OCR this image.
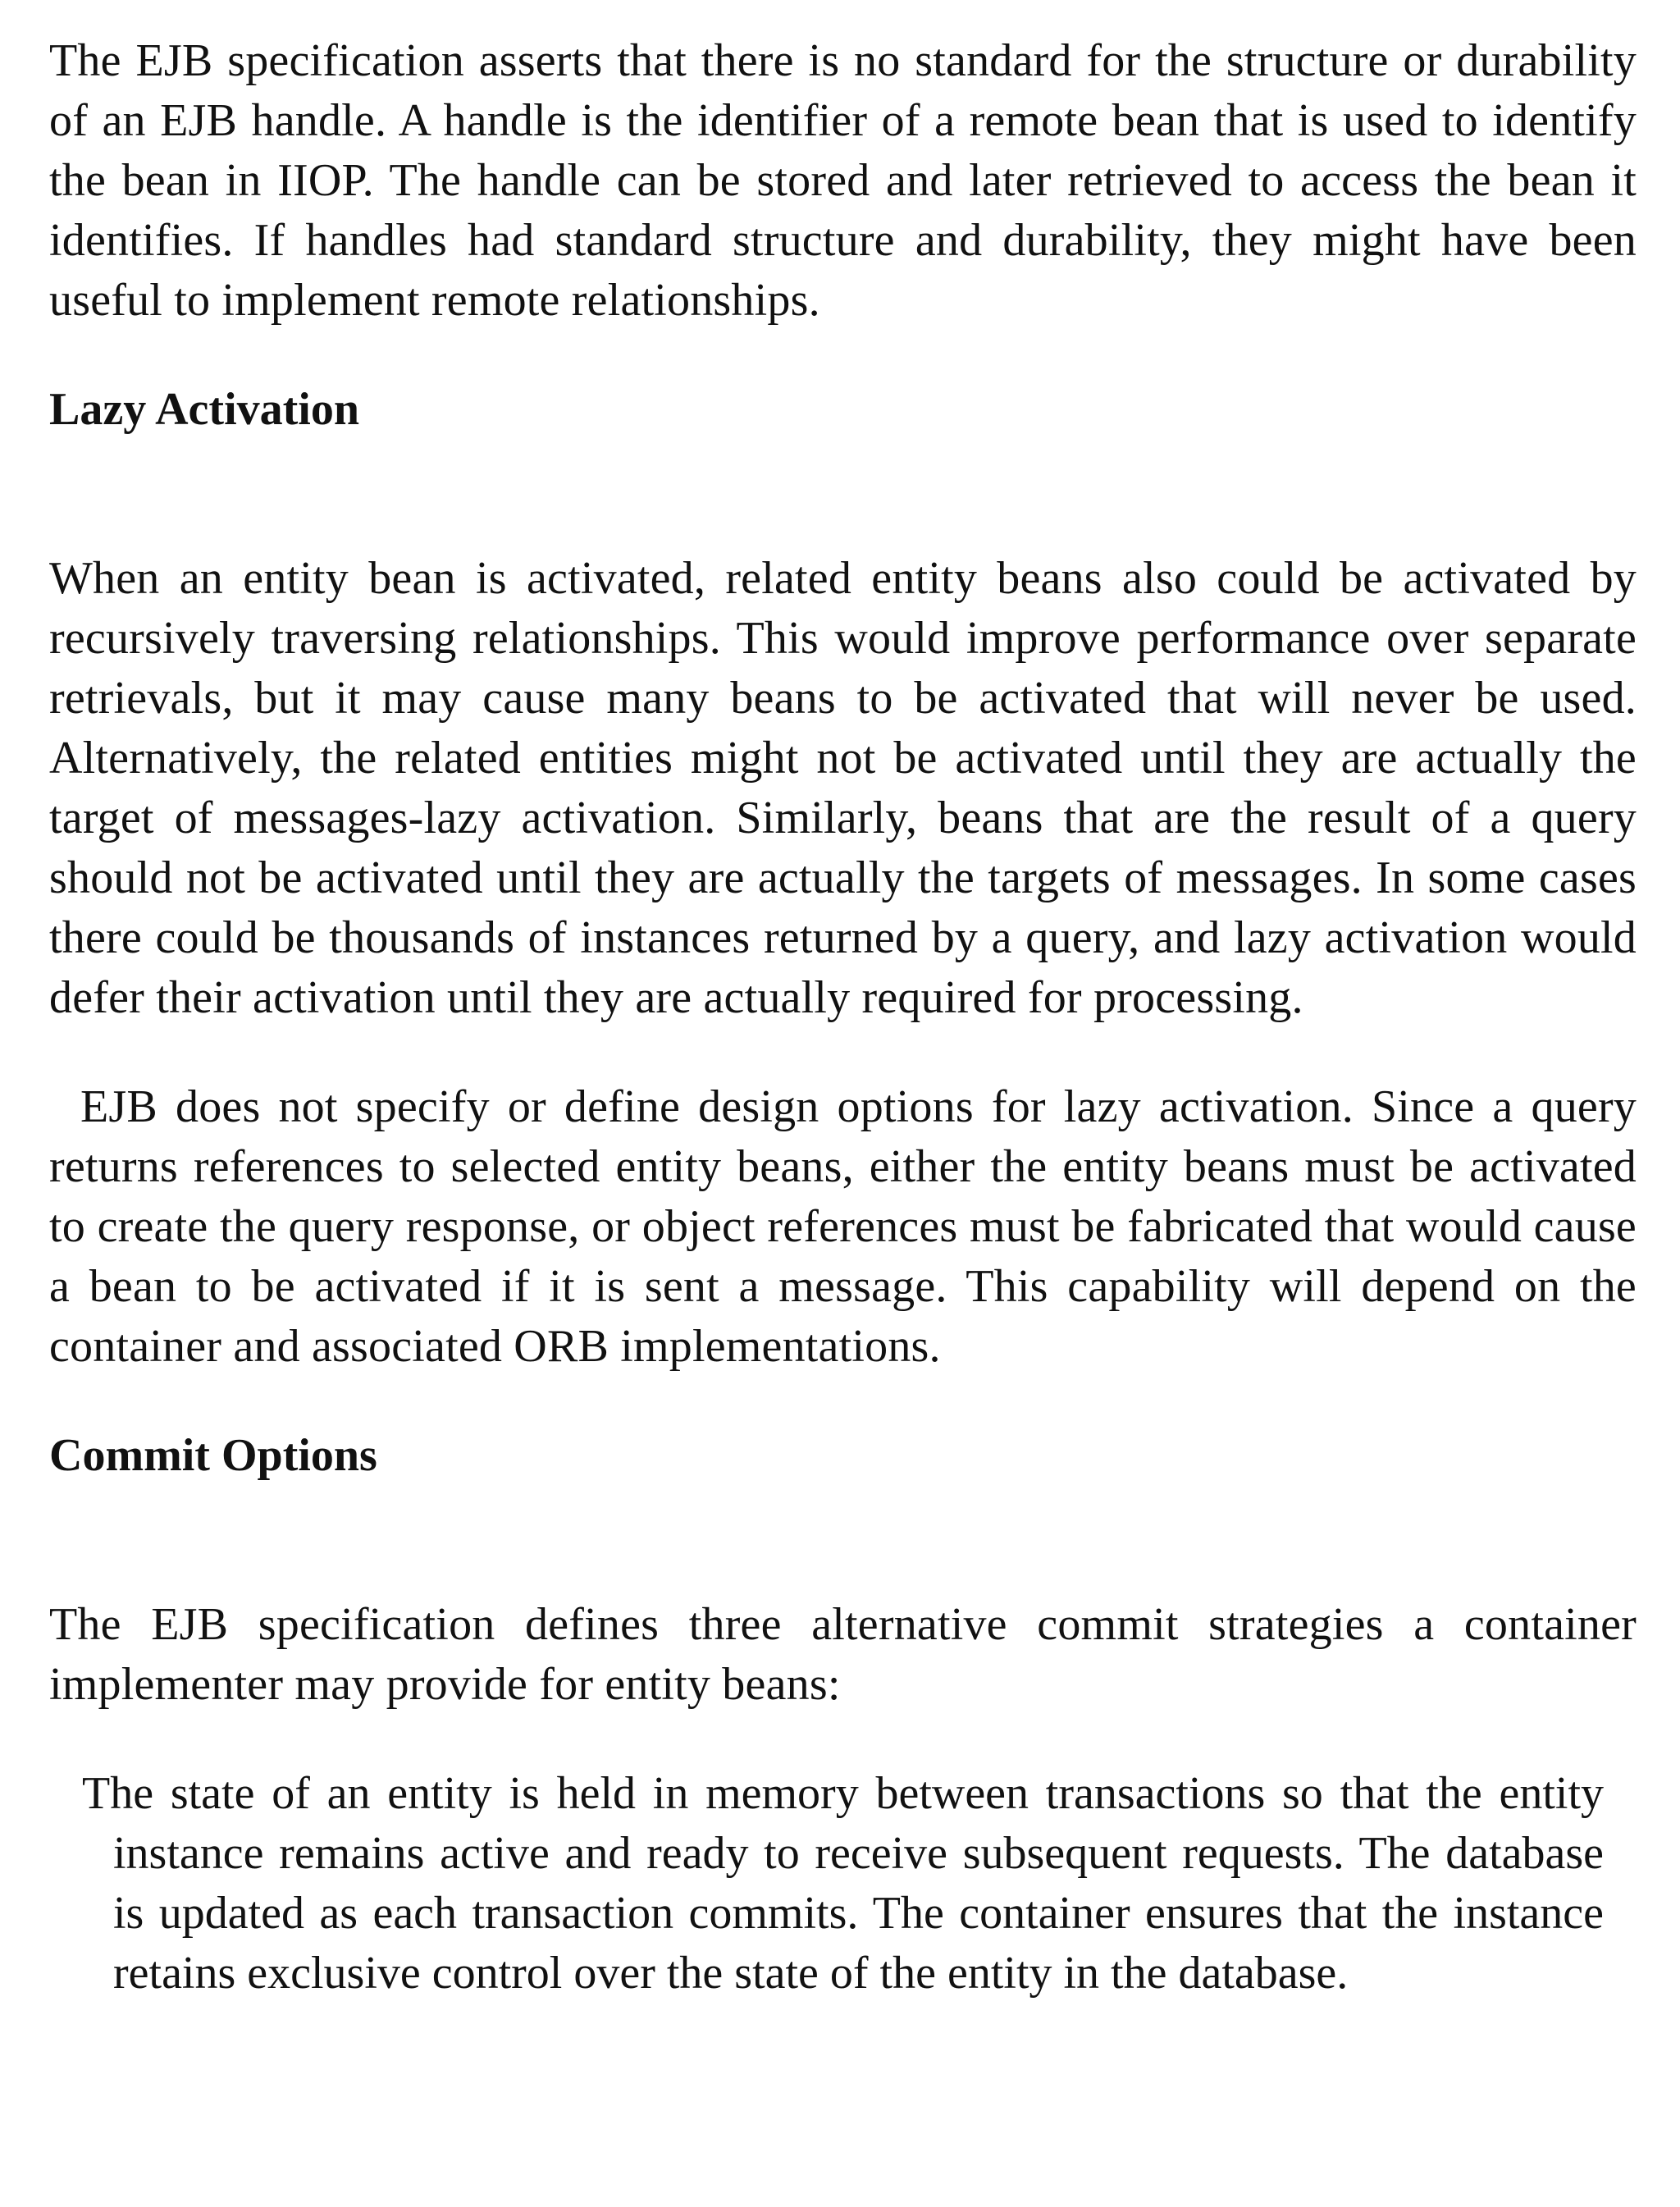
The EJB specification asserts that there is no standard for the structure or durability of an EJB handle. A handle is the identifier of a remote bean that is used to identify the bean in IIOP. The handle can be stored and later retrieved to access the bean it identifies. If handles had standard structure and durability, they might have been useful to implement remote relationships.

Lazy Activation

When an entity bean is activated, related entity beans also could be activated by recursively traversing relationships. This would improve performance over separate retrievals, but it may cause many beans to be activated that will never be used. Alternatively, the related entities might not be activated until they are actually the target of messages-lazy activation. Similarly, beans that are the result of a query should not be activated until they are actually the targets of messages. In some cases there could be thousands of instances returned by a query, and lazy activation would defer their activation until they are actually required for processing.

EJB does not specify or define design options for lazy activation. Since a query returns references to selected entity beans, either the entity beans must be activated to create the query response, or object references must be fabricated that would cause a bean to be activated if it is sent a message. This capability will depend on the container and associated ORB implementations.

Commit Options

The EJB specification defines three alternative commit strategies a container implementer may provide for entity beans:

The state of an entity is held in memory between transactions so that the entity instance remains active and ready to receive subsequent requests. The database is updated as each transaction commits. The container ensures that the instance retains exclusive control over the state of the entity in the database.
